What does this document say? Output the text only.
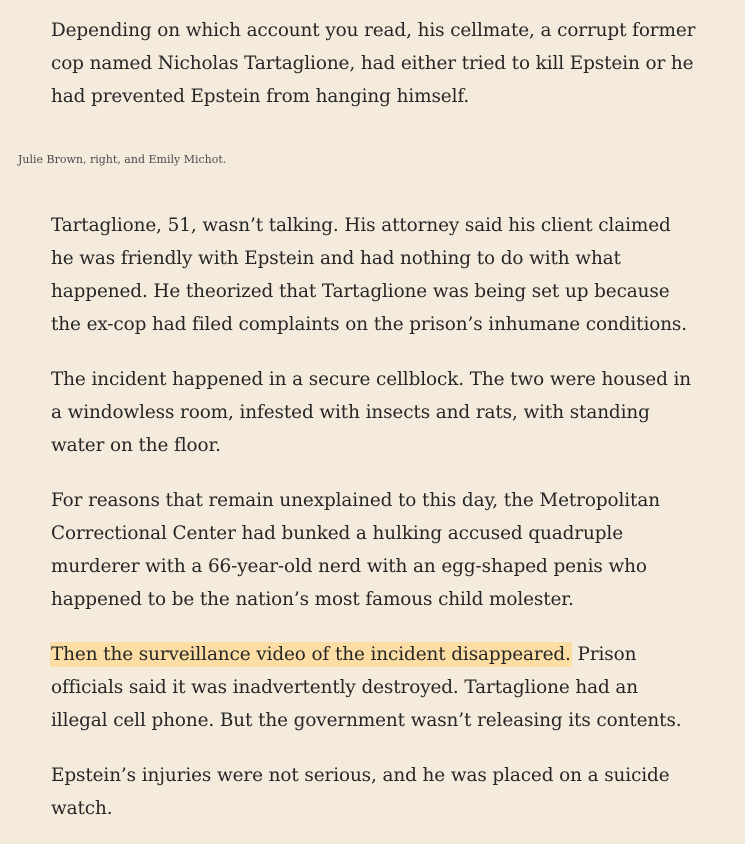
Depending on which account you read, his cellmate, a corrupt former cop named Nicholas Tartaglione, had either tried to kill Epstein or he had prevented Epstein from hanging himself.

Julie Brown, right, and Emily Michot.

Tartaglione, 51, wasn’t talking. His attorney said his client claimed he was friendly with Epstein and had nothing to do with what happened. He theorized that Tartaglione was being set up because the ex-cop had filed complaints on the prison’s inhumane conditions.

The incident happened in a secure cellblock. The two were housed in a windowless room, infested with insects and rats, with standing water on the floor.

For reasons that remain unexplained to this day, the Metropolitan Correctional Center had bunked a hulking accused quadruple murderer with a 66-year-old nerd with an egg-shaped penis who happened to be the nation’s most famous child molester.

Then the surveillance video of the incident disappeared. Prison officials said it was inadvertently destroyed. Tartaglione had an illegal cell phone. But the government wasn’t releasing its contents.

Epstein’s injuries were not serious, and he was placed on a suicide watch.
